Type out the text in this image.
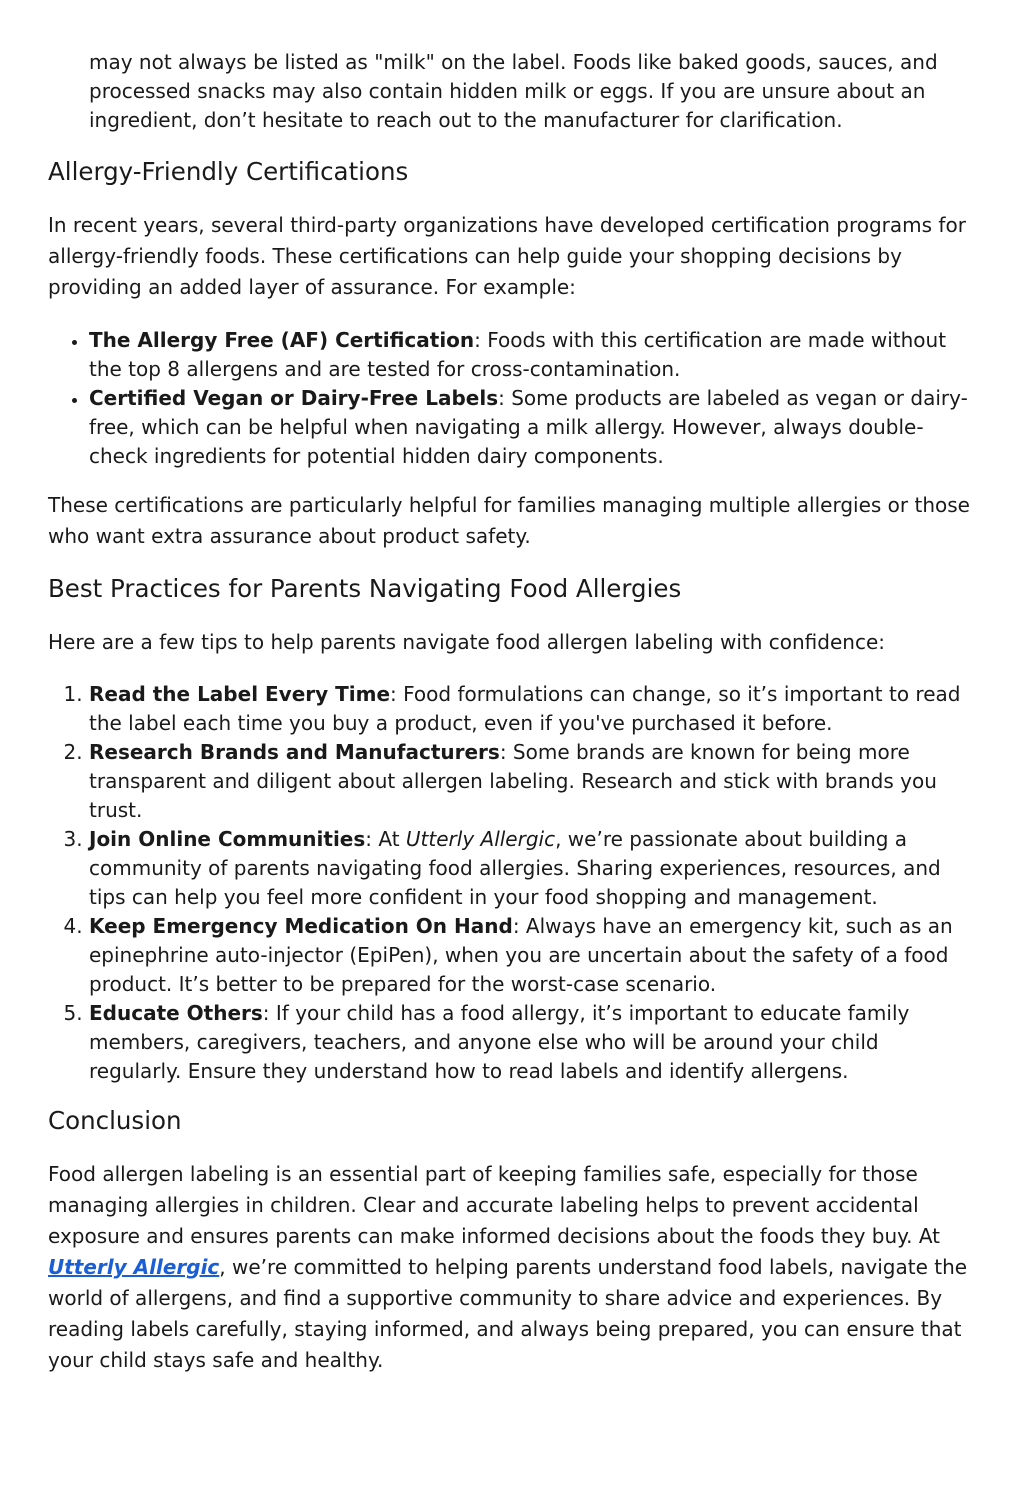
may not always be listed as "milk" on the label. Foods like baked goods, sauces, and processed snacks may also contain hidden milk or eggs. If you are unsure about an ingredient, don’t hesitate to reach out to the manufacturer for clarification.

Allergy-Friendly Certifications

In recent years, several third-party organizations have developed certification programs for allergy-friendly foods. These certifications can help guide your shopping decisions by providing an added layer of assurance. For example:

• The Allergy Free (AF) Certification: Foods with this certification are made without the top 8 allergens and are tested for cross-contamination.
• Certified Vegan or Dairy-Free Labels: Some products are labeled as vegan or dairy-free, which can be helpful when navigating a milk allergy. However, always double-check ingredients for potential hidden dairy components.

These certifications are particularly helpful for families managing multiple allergies or those who want extra assurance about product safety.

Best Practices for Parents Navigating Food Allergies

Here are a few tips to help parents navigate food allergen labeling with confidence:

1. Read the Label Every Time: Food formulations can change, so it’s important to read the label each time you buy a product, even if you've purchased it before.
2. Research Brands and Manufacturers: Some brands are known for being more transparent and diligent about allergen labeling. Research and stick with brands you trust.
3. Join Online Communities: At Utterly Allergic, we’re passionate about building a community of parents navigating food allergies. Sharing experiences, resources, and tips can help you feel more confident in your food shopping and management.
4. Keep Emergency Medication On Hand: Always have an emergency kit, such as an epinephrine auto-injector (EpiPen), when you are uncertain about the safety of a food product. It’s better to be prepared for the worst-case scenario.
5. Educate Others: If your child has a food allergy, it’s important to educate family members, caregivers, teachers, and anyone else who will be around your child regularly. Ensure they understand how to read labels and identify allergens.
Conclusion

Food allergen labeling is an essential part of keeping families safe, especially for those managing allergies in children. Clear and accurate labeling helps to prevent accidental exposure and ensures parents can make informed decisions about the foods they buy. At Utterly Allergic, we’re committed to helping parents understand food labels, navigate the world of allergens, and find a supportive community to share advice and experiences. By reading labels carefully, staying informed, and always being prepared, you can ensure that your child stays safe and healthy.
